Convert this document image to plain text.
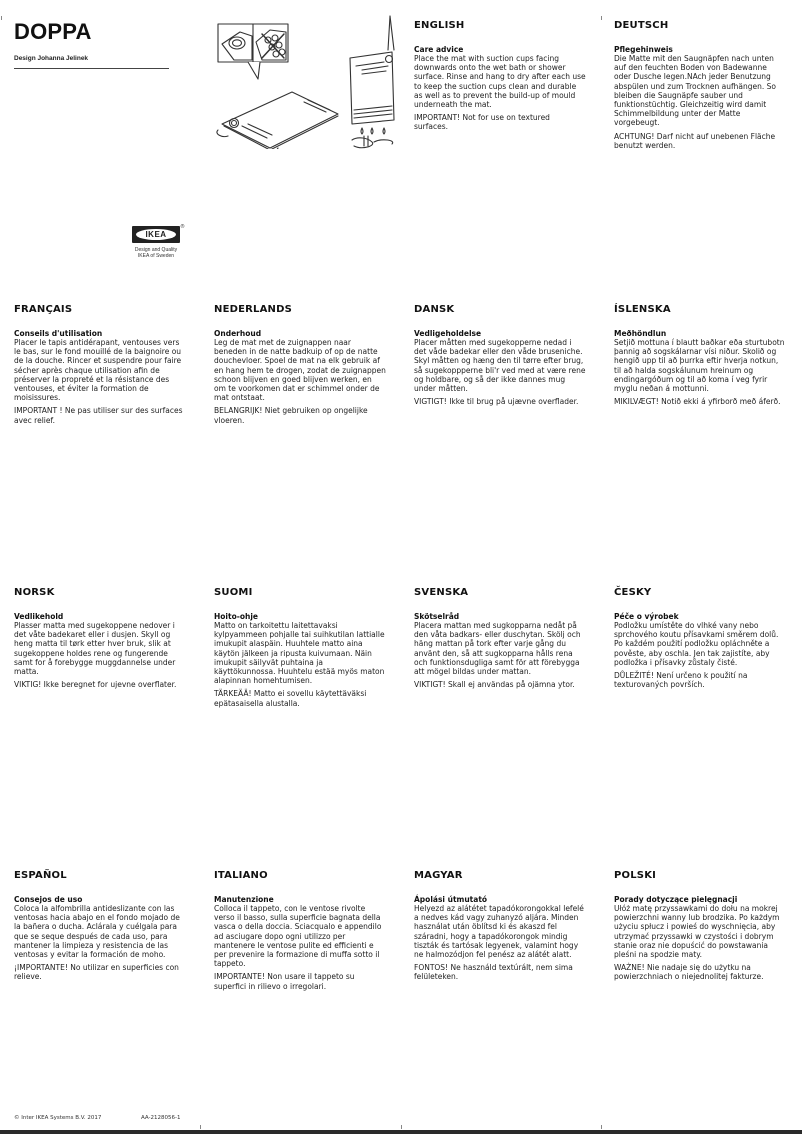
DOPPA
Design Johanna Jelinek
IKEA
®
Design and Quality
IKEA of Sweden
ENGLISH
Care advice
Place the mat with suction cups facing downwards onto the wet bath or shower surface. Rinse and hang to dry after each use to keep the suction cups clean and durable as well as to prevent the build-up of mould underneath the mat.
IMPORTANT! Not for use on textured surfaces.
DEUTSCH
Pflegehinweis
Die Matte mit den Saugnäpfen nach unten auf den feuchten Boden von Badewanne oder Dusche legen.NAch jeder Benutzung abspülen und zum Trocknen aufhängen. So bleiben die Saugnäpfe sauber und funktionstüchtig. Gleichzeitig wird damit Schimmelbildung unter der Matte vorgebeugt.
ACHTUNG! Darf nicht auf unebenen Fläche benutzt werden.
FRANÇAIS
Conseils d'utilisation
Placer le tapis antidérapant, ventouses vers le bas, sur le fond mouillé de la baignoire ou de la douche. Rincer et suspendre pour faire sécher après chaque utilisation afin de préserver la propreté et la résistance des ventouses, et éviter la formation de moisissures.
IMPORTANT ! Ne pas utiliser sur des surfaces avec relief.
NEDERLANDS
Onderhoud
Leg de mat met de zuignappen naar beneden in de natte badkuip of op de natte douchevloer. Spoel de mat na elk gebruik af en hang hem te drogen, zodat de zuignappen schoon blijven en goed blijven werken, en om te voorkomen dat er schimmel onder de mat ontstaat.
BELANGRIJK! Niet gebruiken op ongelijke vloeren.
DANSK
Vedligeholdelse
Placer måtten med sugekopperne nedad i det våde badekar eller den våde bruseniche. Skyl måtten og hæng den til tørre efter brug, så sugekoppperne bli'r ved med at være rene og holdbare, og så der ikke dannes mug under måtten.
VIGTIGT! Ikke til brug på ujævne overflader.
ÍSLENSKA
Meðhöndlun
Setjið mottuna í blautt baðkar eða sturtubotn þannig að sogskálarnar vísi niður. Skolið og hengið upp til að þurrka eftir hverja notkun, til að halda sogskálunum hreinum og endingargóðum og til að koma í veg fyrir myglu neðan á mottunni.
MIKILVÆGT! Notið ekki á yfirborð með áferð.
NORSK
Vedlikehold
Plasser matta med sugekoppene nedover i det våte badekaret eller i dusjen. Skyll og heng matta til tørk etter hver bruk, slik at sugekoppene holdes rene og fungerende samt for å forebygge muggdannelse under matta.
VIKTIG! Ikke beregnet for ujevne overflater.
SUOMI
Hoito-ohje
Matto on tarkoitettu laitettavaksi kylpyammeen pohjalle tai suihkutilan lattialle imukupit alaspäin. Huuhtele matto aina käytön jälkeen ja ripusta kuivumaan. Näin imukupit säilyvät puhtaina ja käyttökunnossa. Huuhtelu estää myös maton alapinnan homehtumisen.
TÄRKEÄÄ! Matto ei sovellu käytettäväksi epätasaisella alustalla.
SVENSKA
Skötselråd
Placera mattan med sugkopparna nedåt på den våta badkars- eller duschytan. Skölj och häng mattan på tork efter varje gång du använt den, så att sugkopparna hålls rena och funktionsdugliga samt för att förebygga att mögel bildas under mattan.
VIKTIGT! Skall ej användas på ojämna ytor.
ČESKY
Péče o výrobek
Podložku umístěte do vlhké vany nebo sprchového koutu přísavkami směrem dolů. Po každém použití podložku opláchněte a pověste, aby oschla. Jen tak zajistíte, aby podložka i přísavky zůstaly čisté.
DŮLEŽITÉ! Není určeno k použití na texturovaných površích.
ESPAÑOL
Consejos de uso
Coloca la alfombrilla antideslizante con las ventosas hacia abajo en el fondo mojado de la bañera o ducha. Aclárala y cuélgala para que se seque después de cada uso, para mantener la limpieza y resistencia de las ventosas y evitar la formación de moho.
¡IMPORTANTE! No utilizar en superficies con relieve.
ITALIANO
Manutenzione
Colloca il tappeto, con le ventose rivolte verso il basso, sulla superficie bagnata della vasca o della doccia. Sciacqualo e appendilo ad asciugare dopo ogni utilizzo per mantenere le ventose pulite ed efficienti e per prevenire la formazione di muffa sotto il tappeto.
IMPORTANTE! Non usare il tappeto su superfici in rilievo o irregolari.
MAGYAR
Ápolási útmutató
Helyezd az alátétet tapadókorongokkal lefelé a nedves kád vagy zuhanyzó aljára. Minden használat után öblítsd ki és akaszd fel száradni, hogy a tapadókorongok mindig tiszták és tartósak legyenek, valamint hogy ne halmozódjon fel penész az alátét alatt.
FONTOS! Ne használd textúrált, nem sima felületeken.
POLSKI
Porady dotyczące pielęgnacji
Ułóż matę przyssawkami do dołu na mokrej powierzchni wanny lub brodzika. Po każdym użyciu spłucz i powieś do wyschnięcia, aby utrzymać przyssawki w czystości i dobrym stanie oraz nie dopuścić do powstawania pleśni na spodzie maty.
WAŻNE! Nie nadaje się do użytku na powierzchniach o niejednolitej fakturze.
© Inter IKEA Systems B.V. 2017	AA-2128056-1
